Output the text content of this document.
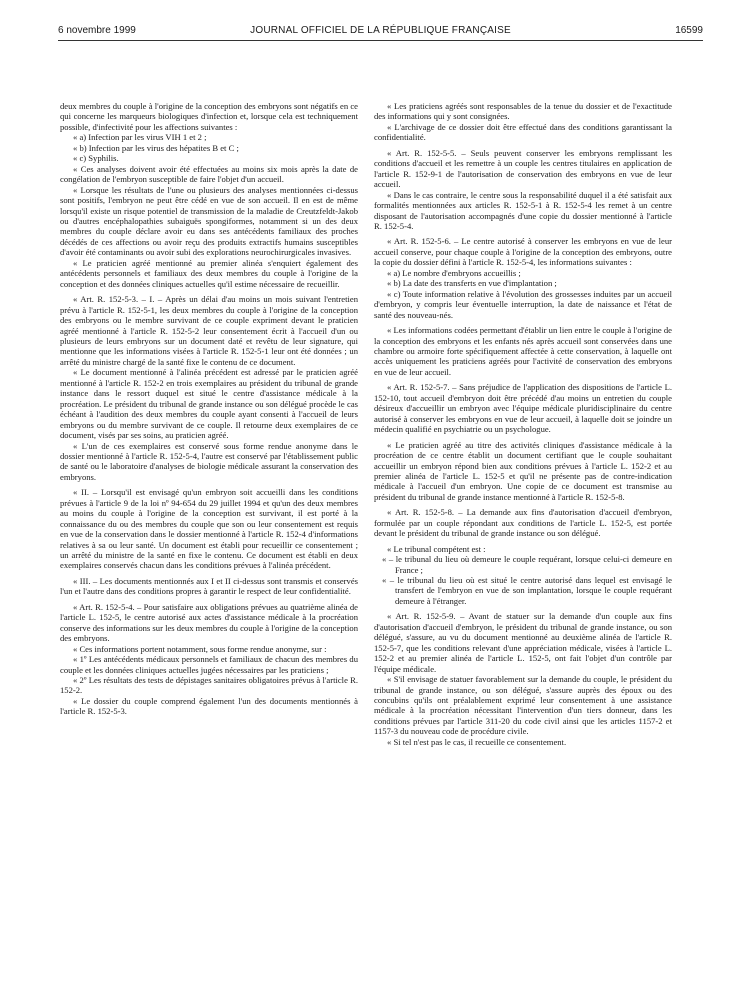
6 novembre 1999	JOURNAL OFFICIEL DE LA RÉPUBLIQUE FRANÇAISE	16599

deux membres du couple à l'origine de la conception des embryons sont négatifs en ce qui concerne les marqueurs biologiques d'infection et, lorsque cela est techniquement possible, d'infectivité pour les affections suivantes :

« a) Infection par les virus VIH 1 et 2 ;

« b) Infection par les virus des hépatites B et C ;

« c) Syphilis.

« Ces analyses doivent avoir été effectuées au moins six mois après la date de congélation de l'embryon susceptible de faire l'objet d'un accueil.

« Lorsque les résultats de l'une ou plusieurs des analyses mentionnées ci-dessus sont positifs, l'embryon ne peut être cédé en vue de son accueil. Il en est de même lorsqu'il existe un risque potentiel de transmission de la maladie de Creutzfeldt-Jakob ou d'autres encéphalopathies subaiguës spongiformes, notamment si un des deux membres du couple déclare avoir eu dans ses antécédents familiaux des proches décédés de ces affections ou avoir reçu des produits extractifs humains susceptibles d'avoir été contaminants ou avoir subi des explorations neurochirurgicales invasives.

« Le praticien agréé mentionné au premier alinéa s'enquiert également des antécédents personnels et familiaux des deux membres du couple à l'origine de la conception et des données cliniques actuelles qu'il estime nécessaire de recueillir.

« Art. R. 152-5-3. – I. – Après un délai d'au moins un mois suivant l'entretien prévu à l'article R. 152-5-1, les deux membres du couple à l'origine de la conception des embryons ou le membre survivant de ce couple expriment devant le praticien agréé mentionné à l'article R. 152-5-2 leur consentement écrit à l'accueil d'un ou plusieurs de leurs embryons sur un document daté et revêtu de leur signature, qui mentionne que les informations visées à l'article R. 152-5-1 leur ont été données ; un arrêté du ministre chargé de la santé fixe le contenu de ce document.

« Le document mentionné à l'alinéa précédent est adressé par le praticien agréé mentionné à l'article R. 152-2 en trois exemplaires au président du tribunal de grande instance dans le ressort duquel est situé le centre d'assistance médicale à la procréation. Le président du tribunal de grande instance ou son délégué procède le cas échéant à l'audition des deux membres du couple ayant consenti à l'accueil de leurs embryons ou du membre survivant de ce couple. Il retourne deux exemplaires de ce document, visés par ses soins, au praticien agréé.

« L'un de ces exemplaires est conservé sous forme rendue anonyme dans le dossier mentionné à l'article R. 152-5-4, l'autre est conservé par l'établissement public de santé ou le laboratoire d'analyses de biologie médicale assurant la conservation des embryons.

« II. – Lorsqu'il est envisagé qu'un embryon soit accueilli dans les conditions prévues à l'article 9 de la loi nº 94-654 du 29 juillet 1994 et qu'un des deux membres au moins du couple à l'origine de la conception est survivant, il est porté à la connaissance du ou des membres du couple que son ou leur consentement est requis en vue de la conservation dans le dossier mentionné à l'article R. 152-4 d'informations relatives à sa ou leur santé. Un document est établi pour recueillir ce consentement ; un arrêté du ministre de la santé en fixe le contenu. Ce document est établi en deux exemplaires conservés chacun dans les conditions prévues à l'alinéa précédent.

« III. – Les documents mentionnés aux I et II ci-dessus sont transmis et conservés l'un et l'autre dans des conditions propres à garantir le respect de leur confidentialité.

« Art. R. 152-5-4. – Pour satisfaire aux obligations prévues au quatrième alinéa de l'article L. 152-5, le centre autorisé aux actes d'assistance médicale à la procréation conserve des informations sur les deux membres du couple à l'origine de la conception des embryons.

« Ces informations portent notamment, sous forme rendue anonyme, sur :

« 1º Les antécédents médicaux personnels et familiaux de chacun des membres du couple et les données cliniques actuelles jugées nécessaires par les praticiens ;

« 2º Les résultats des tests de dépistages sanitaires obligatoires prévus à l'article R. 152-2.

« Le dossier du couple comprend également l'un des documents mentionnés à l'article R. 152-5-3.

« Les praticiens agréés sont responsables de la tenue du dossier et de l'exactitude des informations qui y sont consignées.

« L'archivage de ce dossier doit être effectué dans des conditions garantissant la confidentialité.

« Art. R. 152-5-5. – Seuls peuvent conserver les embryons remplissant les conditions d'accueil et les remettre à un couple les centres titulaires en application de l'article R. 152-9-1 de l'autorisation de conservation des embryons en vue de leur accueil.

« Dans le cas contraire, le centre sous la responsabilité duquel il a été satisfait aux formalités mentionnées aux articles R. 152-5-1 à R. 152-5-4 les remet à un centre disposant de l'autorisation accompagnés d'une copie du dossier mentionné à l'article R. 152-5-4.

« Art. R. 152-5-6. – Le centre autorisé à conserver les embryons en vue de leur accueil conserve, pour chaque couple à l'origine de la conception des embryons, outre la copie du dossier défini à l'article R. 152-5-4, les informations suivantes :

« a) Le nombre d'embryons accueillis ;

« b) La date des transferts en vue d'implantation ;

« c) Toute information relative à l'évolution des grossesses induites par un accueil d'embryon, y compris leur éventuelle interruption, la date de naissance et l'état de santé des nouveau-nés.

« Les informations codées permettant d'établir un lien entre le couple à l'origine de la conception des embryons et les enfants nés après accueil sont conservées dans une chambre ou armoire forte spécifiquement affectée à cette conservation, à laquelle ont accès uniquement les praticiens agréés pour l'activité de conservation des embryons en vue de leur accueil.

« Art. R. 152-5-7. – Sans préjudice de l'application des dispositions de l'article L. 152-10, tout accueil d'embryon doit être précédé d'au moins un entretien du couple désireux d'accueillir un embryon avec l'équipe médicale pluridisciplinaire du centre autorisé à conserver les embryons en vue de leur accueil, à laquelle doit se joindre un médecin qualifié en psychiatrie ou un psychologue.

« Le praticien agréé au titre des activités cliniques d'assistance médicale à la procréation de ce centre établit un document certifiant que le couple souhaitant accueillir un embryon répond bien aux conditions prévues à l'article L. 152-2 et au premier alinéa de l'article L. 152-5 et qu'il ne présente pas de contre-indication médicale à l'accueil d'un embryon. Une copie de ce document est transmise au président du tribunal de grande instance mentionné à l'article R. 152-5-8.

« Art. R. 152-5-8. – La demande aux fins d'autorisation d'accueil d'embryon, formulée par un couple répondant aux conditions de l'article L. 152-5, est portée devant le président du tribunal de grande instance ou son délégué.

« Le tribunal compétent est :

« – le tribunal du lieu où demeure le couple requérant, lorsque celui-ci demeure en France ;

« – le tribunal du lieu où est situé le centre autorisé dans lequel est envisagé le transfert de l'embryon en vue de son implantation, lorsque le couple requérant demeure à l'étranger.

« Art. R. 152-5-9. – Avant de statuer sur la demande d'un couple aux fins d'autorisation d'accueil d'embryon, le président du tribunal de grande instance, ou son délégué, s'assure, au vu du document mentionné au deuxième alinéa de l'article R. 152-5-7, que les conditions relevant d'une appréciation médicale, visées à l'article L. 152-2 et au premier alinéa de l'article L. 152-5, ont fait l'objet d'un contrôle par l'équipe médicale.

« S'il envisage de statuer favorablement sur la demande du couple, le président du tribunal de grande instance, ou son délégué, s'assure auprès des époux ou des concubins qu'ils ont préalablement exprimé leur consentement à une assistance médicale à la procréation nécessitant l'intervention d'un tiers donneur, dans les conditions prévues par l'article 311-20 du code civil ainsi que les articles 1157-2 et 1157-3 du nouveau code de procédure civile.

« Si tel n'est pas le cas, il recueille ce consentement.
